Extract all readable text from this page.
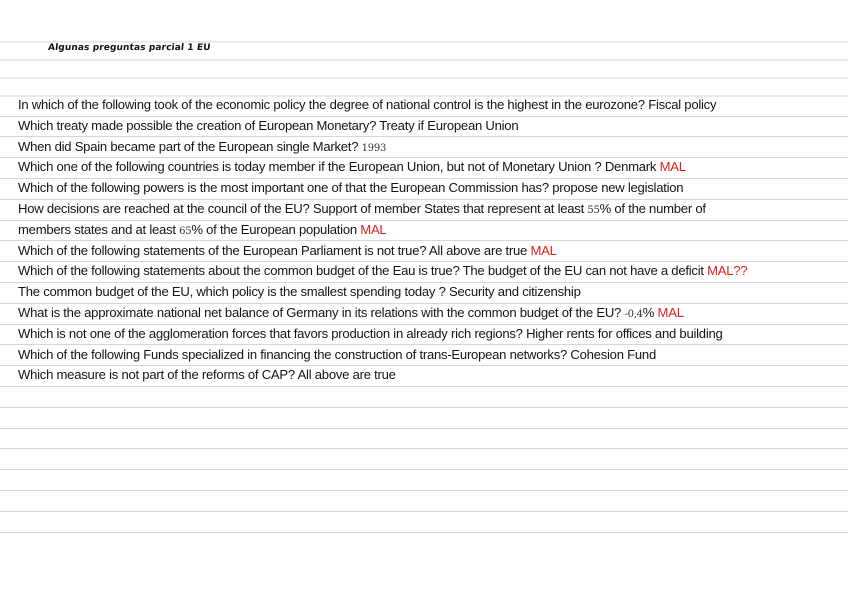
Algunas preguntas parcial 1 EU
In which of the following took of the economic policy the degree of national control is the highest in the eurozone? Fiscal policy
Which treaty made possible the creation of European Monetary? Treaty if European Union
When did Spain became part of the European single Market? 1993
Which one of the following countries is today member if the European Union, but not of Monetary Union ? Denmark MAL
Which of the following powers is the most important one of that the European Commission has? propose new legislation
How decisions are reached at the council of the EU? Support of member States that represent at least 55% of the number of
members states and at least 65% of the European population MAL
Which of the following statements of the European Parliament is not true? All above are true MAL
Which of the following statements about the common budget of the Eau is true? The budget of the EU can not have a deficit MAL??
The common budget of the EU, which policy is the smallest spending today ? Security and citizenship
What is the approximate national net balance of Germany in its relations with the common budget of the EU? -0,4% MAL
Which is not one of the agglomeration forces that favors production in already rich regions? Higher rents for offices and building
Which of the following Funds specialized in financing the construction of trans-European networks? Cohesion Fund
Which measure is not part of the reforms of CAP? All above are true
